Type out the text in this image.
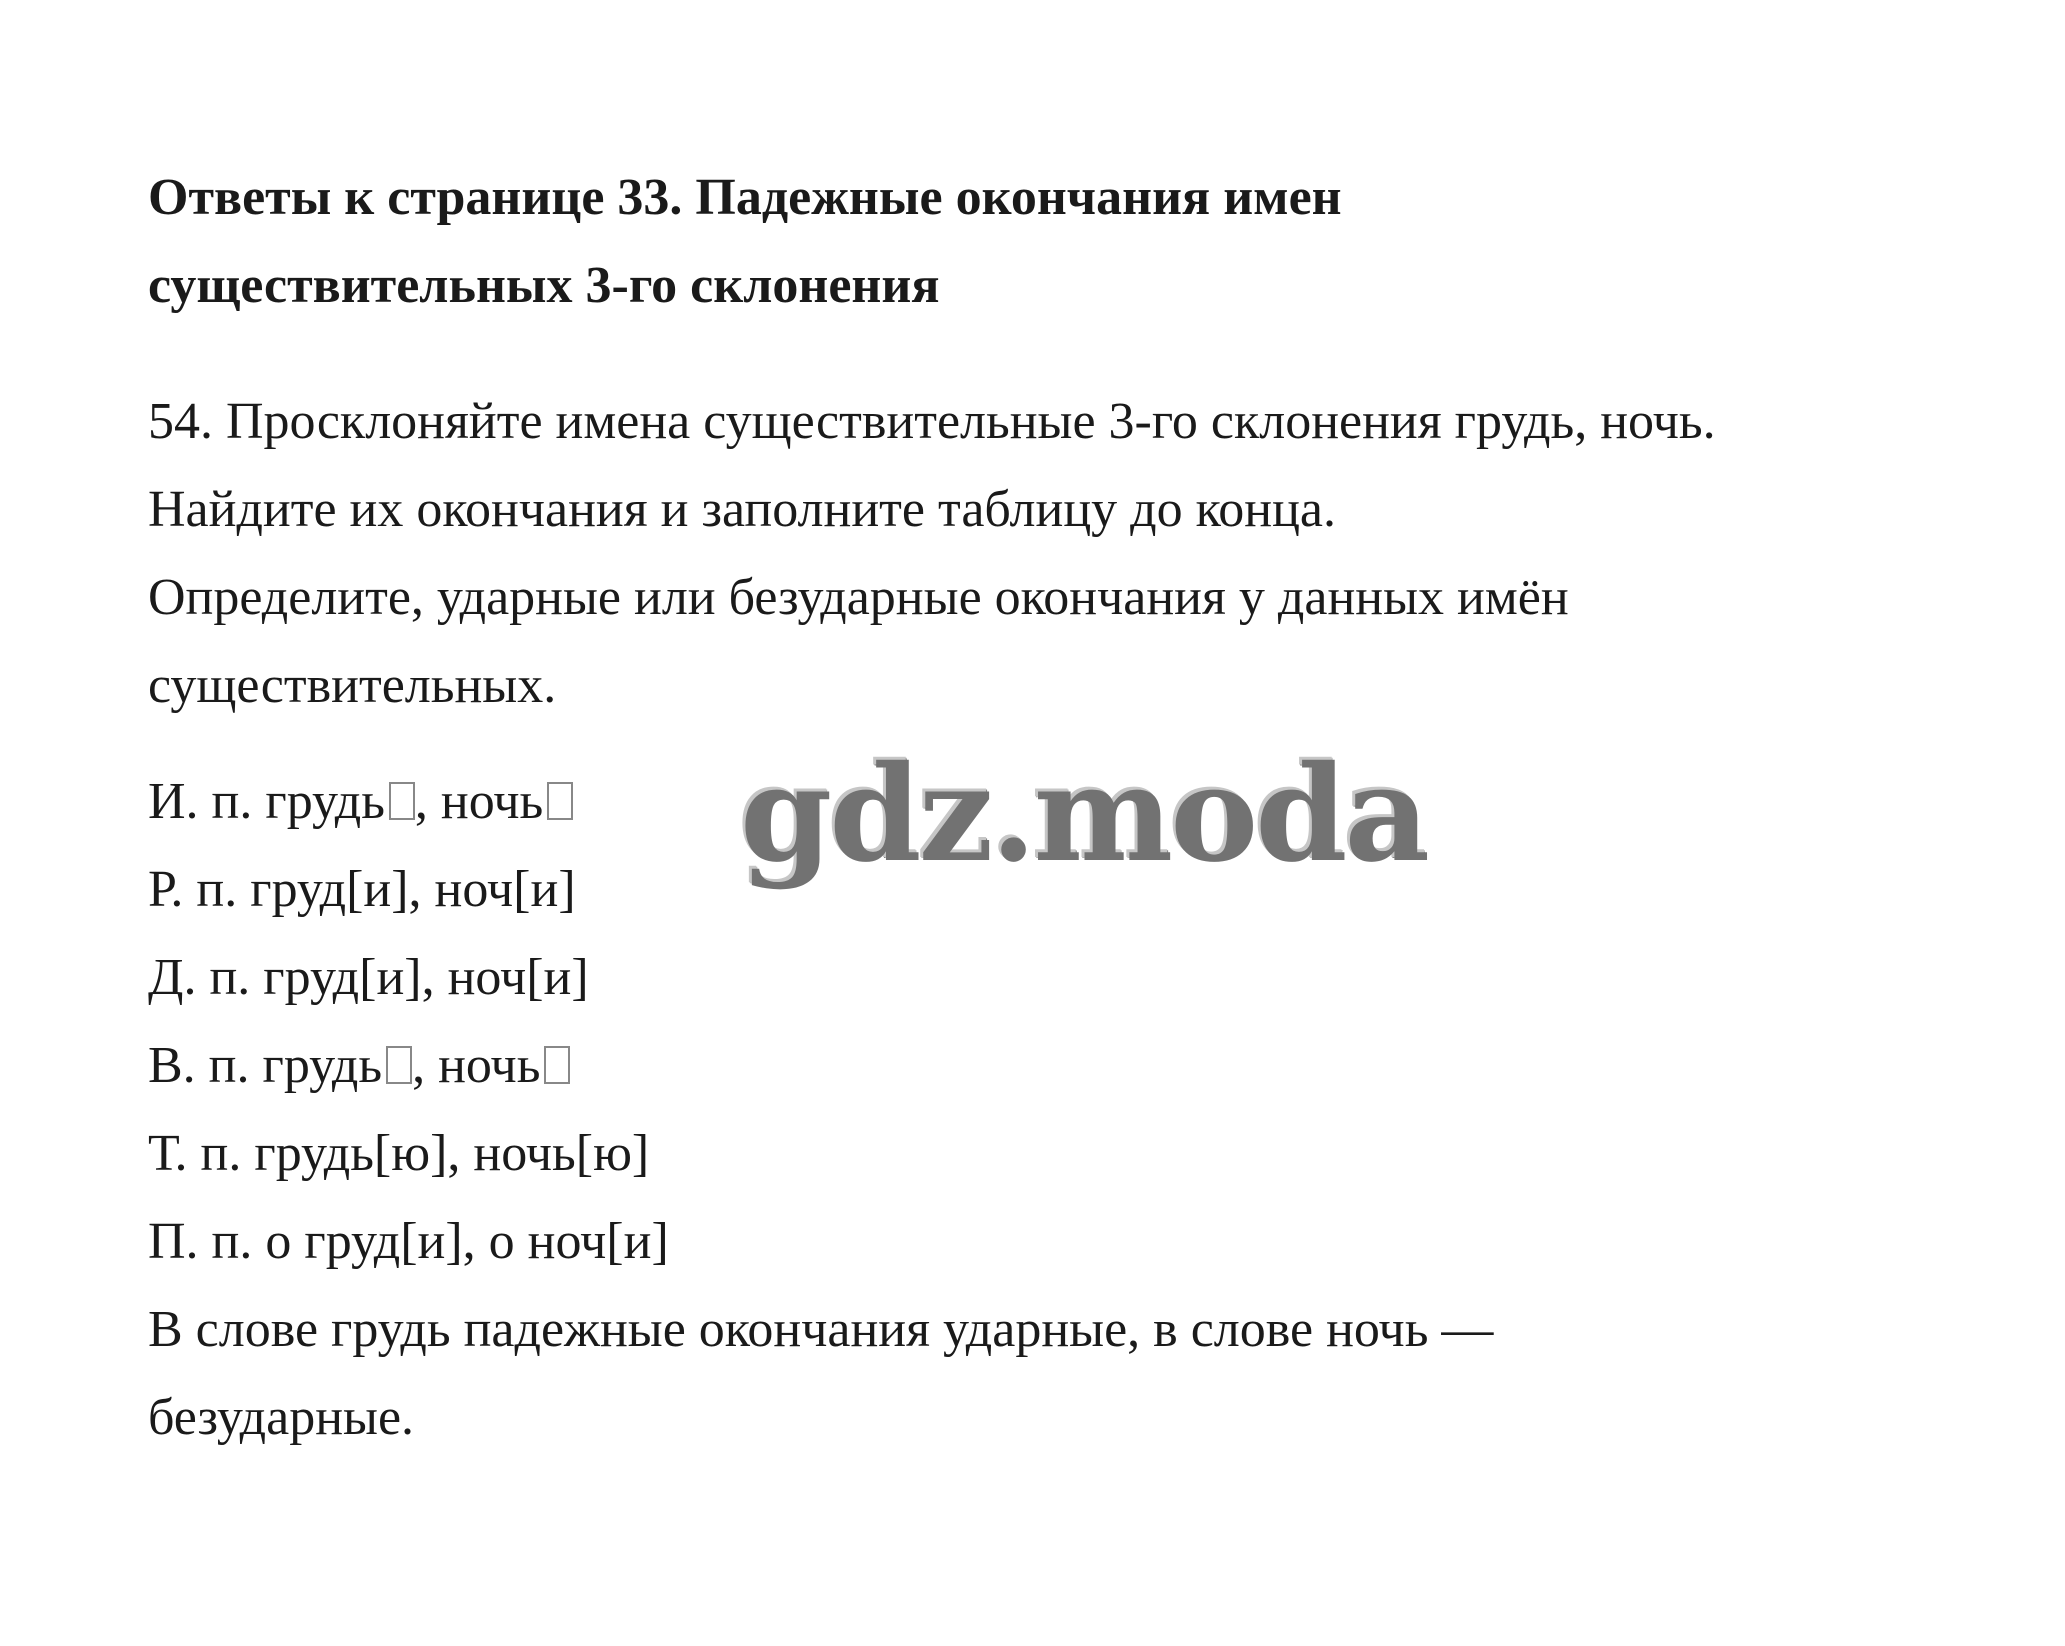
Ответы к странице 33. Падежные окончания имен
существительных 3-го склонения
54. Просклоняйте имена существительные 3-го склонения грудь, ночь.
Найдите их окончания и заполните таблицу до конца.
Определите, ударные или безударные окончания у данных имён
существительных.
И. п. грудь , ночь
Р. п. груд[и], ноч[и]
Д. п. груд[и], ноч[и]
В. п. грудь , ночь
Т. п. грудь[ю], ночь[ю]
П. п. о груд[и], о ноч[и]
В слове грудь падежные окончания ударные, в слове ночь —
безударные.
gdz.moda
